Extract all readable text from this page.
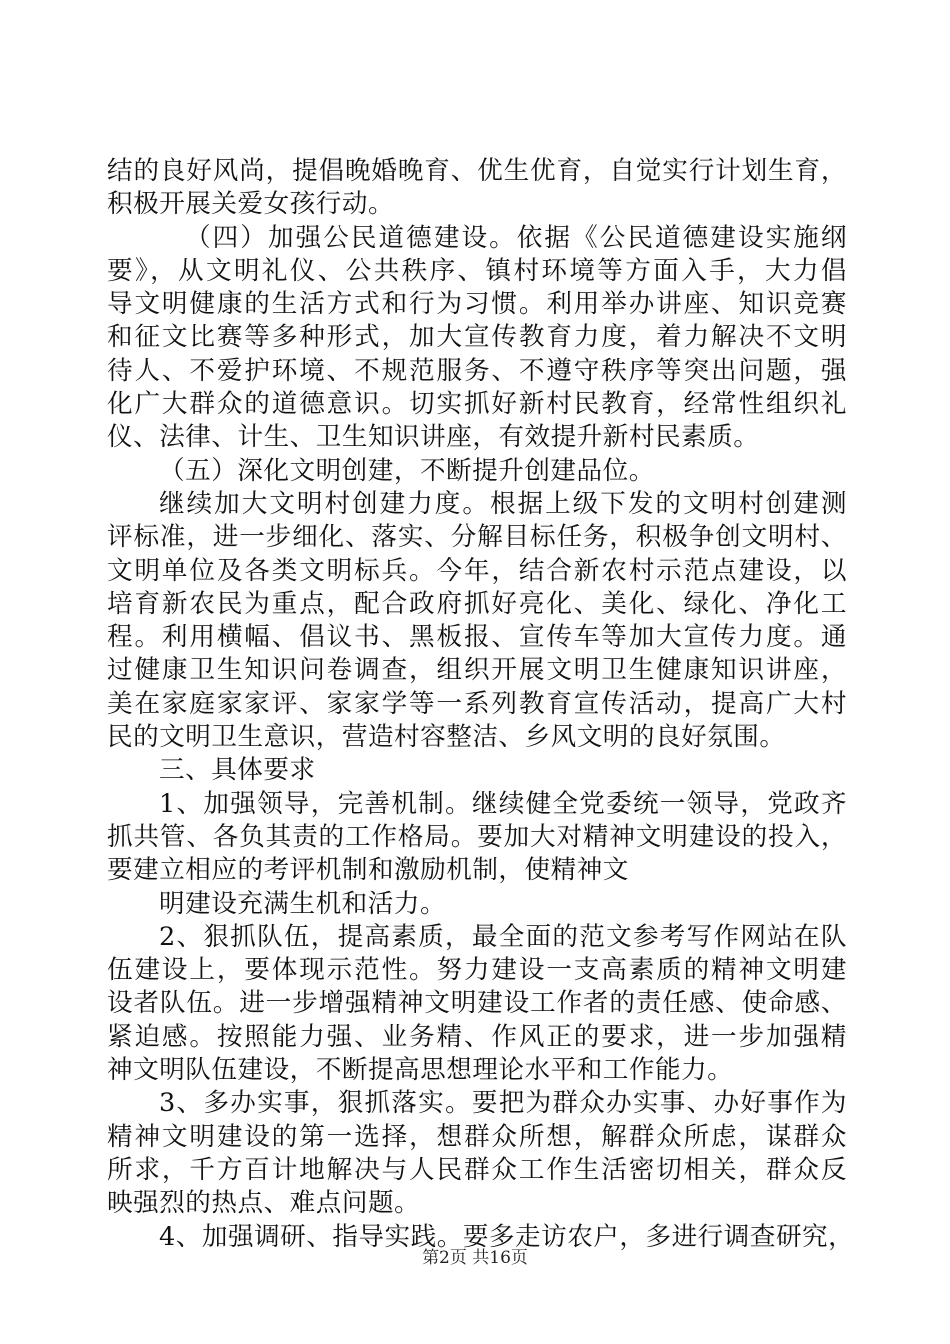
结的良好风尚，提倡晚婚晚育、优生优育，自觉实行计划生育，
积极开展关爱女孩行动。
（四）加强公民道德建设。依据《公民道德建设实施纲
要》，从文明礼仪、公共秩序、镇村环境等方面入手，大力倡
导文明健康的生活方式和行为习惯。利用举办讲座、知识竞赛
和征文比赛等多种形式，加大宣传教育力度，着力解决不文明
待人、不爱护环境、不规范服务、不遵守秩序等突出问题，强
化广大群众的道德意识。切实抓好新村民教育，经常性组织礼
仪、法律、计生、卫生知识讲座，有效提升新村民素质。
（五）深化文明创建，不断提升创建品位。
继续加大文明村创建力度。根据上级下发的文明村创建测
评标准，进一步细化、落实、分解目标任务，积极争创文明村、
文明单位及各类文明标兵。今年，结合新农村示范点建设，以
培育新农民为重点，配合政府抓好亮化、美化、绿化、净化工
程。利用横幅、倡议书、黑板报、宣传车等加大宣传力度。通
过健康卫生知识问卷调查，组织开展文明卫生健康知识讲座，
美在家庭家家评、家家学等一系列教育宣传活动，提高广大村
民的文明卫生意识，营造村容整洁、乡风文明的良好氛围。
三、具体要求
1、加强领导，完善机制。继续健全党委统一领导，党政齐
抓共管、各负其责的工作格局。要加大对精神文明建设的投入，
要建立相应的考评机制和激励机制，使精神文
明建设充满生机和活力。
2、狠抓队伍，提高素质，最全面的范文参考写作网站在队
伍建设上，要体现示范性。努力建设一支高素质的精神文明建
设者队伍。进一步增强精神文明建设工作者的责任感、使命感、
紧迫感。按照能力强、业务精、作风正的要求，进一步加强精
神文明队伍建设，不断提高思想理论水平和工作能力。
3、多办实事，狠抓落实。要把为群众办实事、办好事作为
精神文明建设的第一选择，想群众所想，解群众所虑，谋群众
所求，千方百计地解决与人民群众工作生活密切相关，群众反
映强烈的热点、难点问题。
4、加强调研、指导实践。要多走访农户，多进行调查研究，
第2页 共16页
